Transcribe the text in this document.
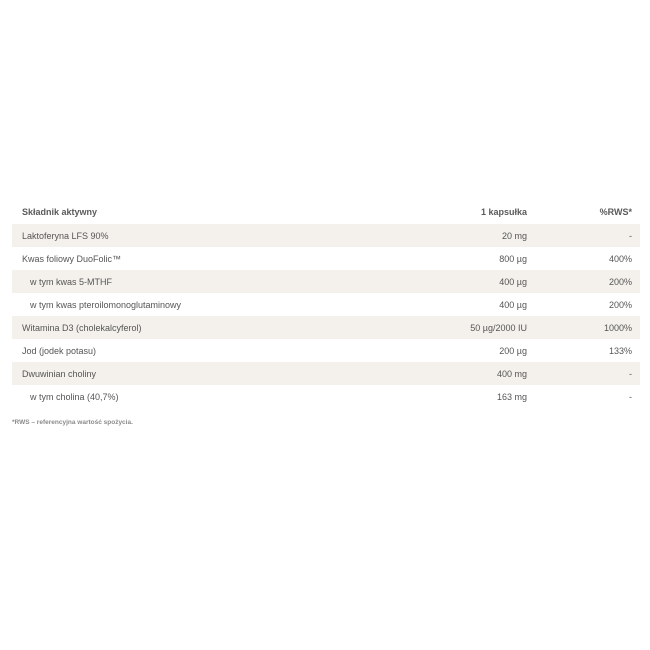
Składnik aktywny	1 kapsułka	%RWS*
Laktoferyna LFS 90%	20 mg	-
Kwas foliowy DuoFolic™	800 µg	400%
w tym kwas 5-MTHF	400 µg	200%
w tym kwas pteroilomonoglutaminowy	400 µg	200%
Witamina D3 (cholekalcyferol)	50 µg/2000 IU	1000%
Jod (jodek potasu)	200 µg	133%
Dwuwinian choliny	400 mg	-
w tym cholina (40,7%)	163 mg	-
*RWS – referencyjna wartość spożycia.
